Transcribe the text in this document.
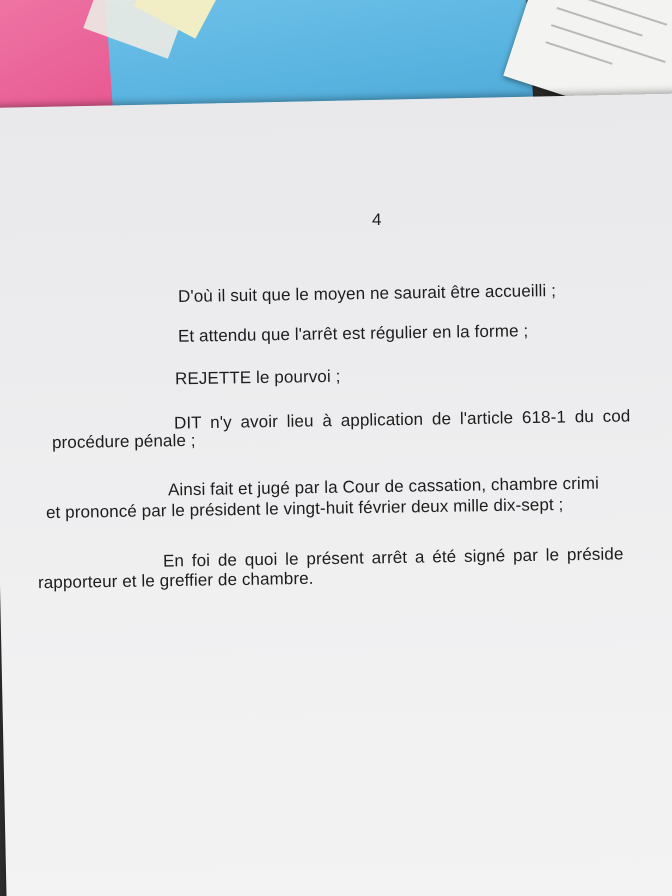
4
D'où il suit que le moyen ne saurait être accueilli ;
Et attendu que l'arrêt est régulier en la forme ;
REJETTE le pourvoi ;
DIT n'y avoir lieu à application de l'article 618-1 du cod
procédure pénale ;
Ainsi fait et jugé par la Cour de cassation, chambre crimi
et prononcé par le président le vingt-huit février deux mille dix-sept ;
En foi de quoi le présent arrêt a été signé par le préside
rapporteur et le greffier de chambre.
